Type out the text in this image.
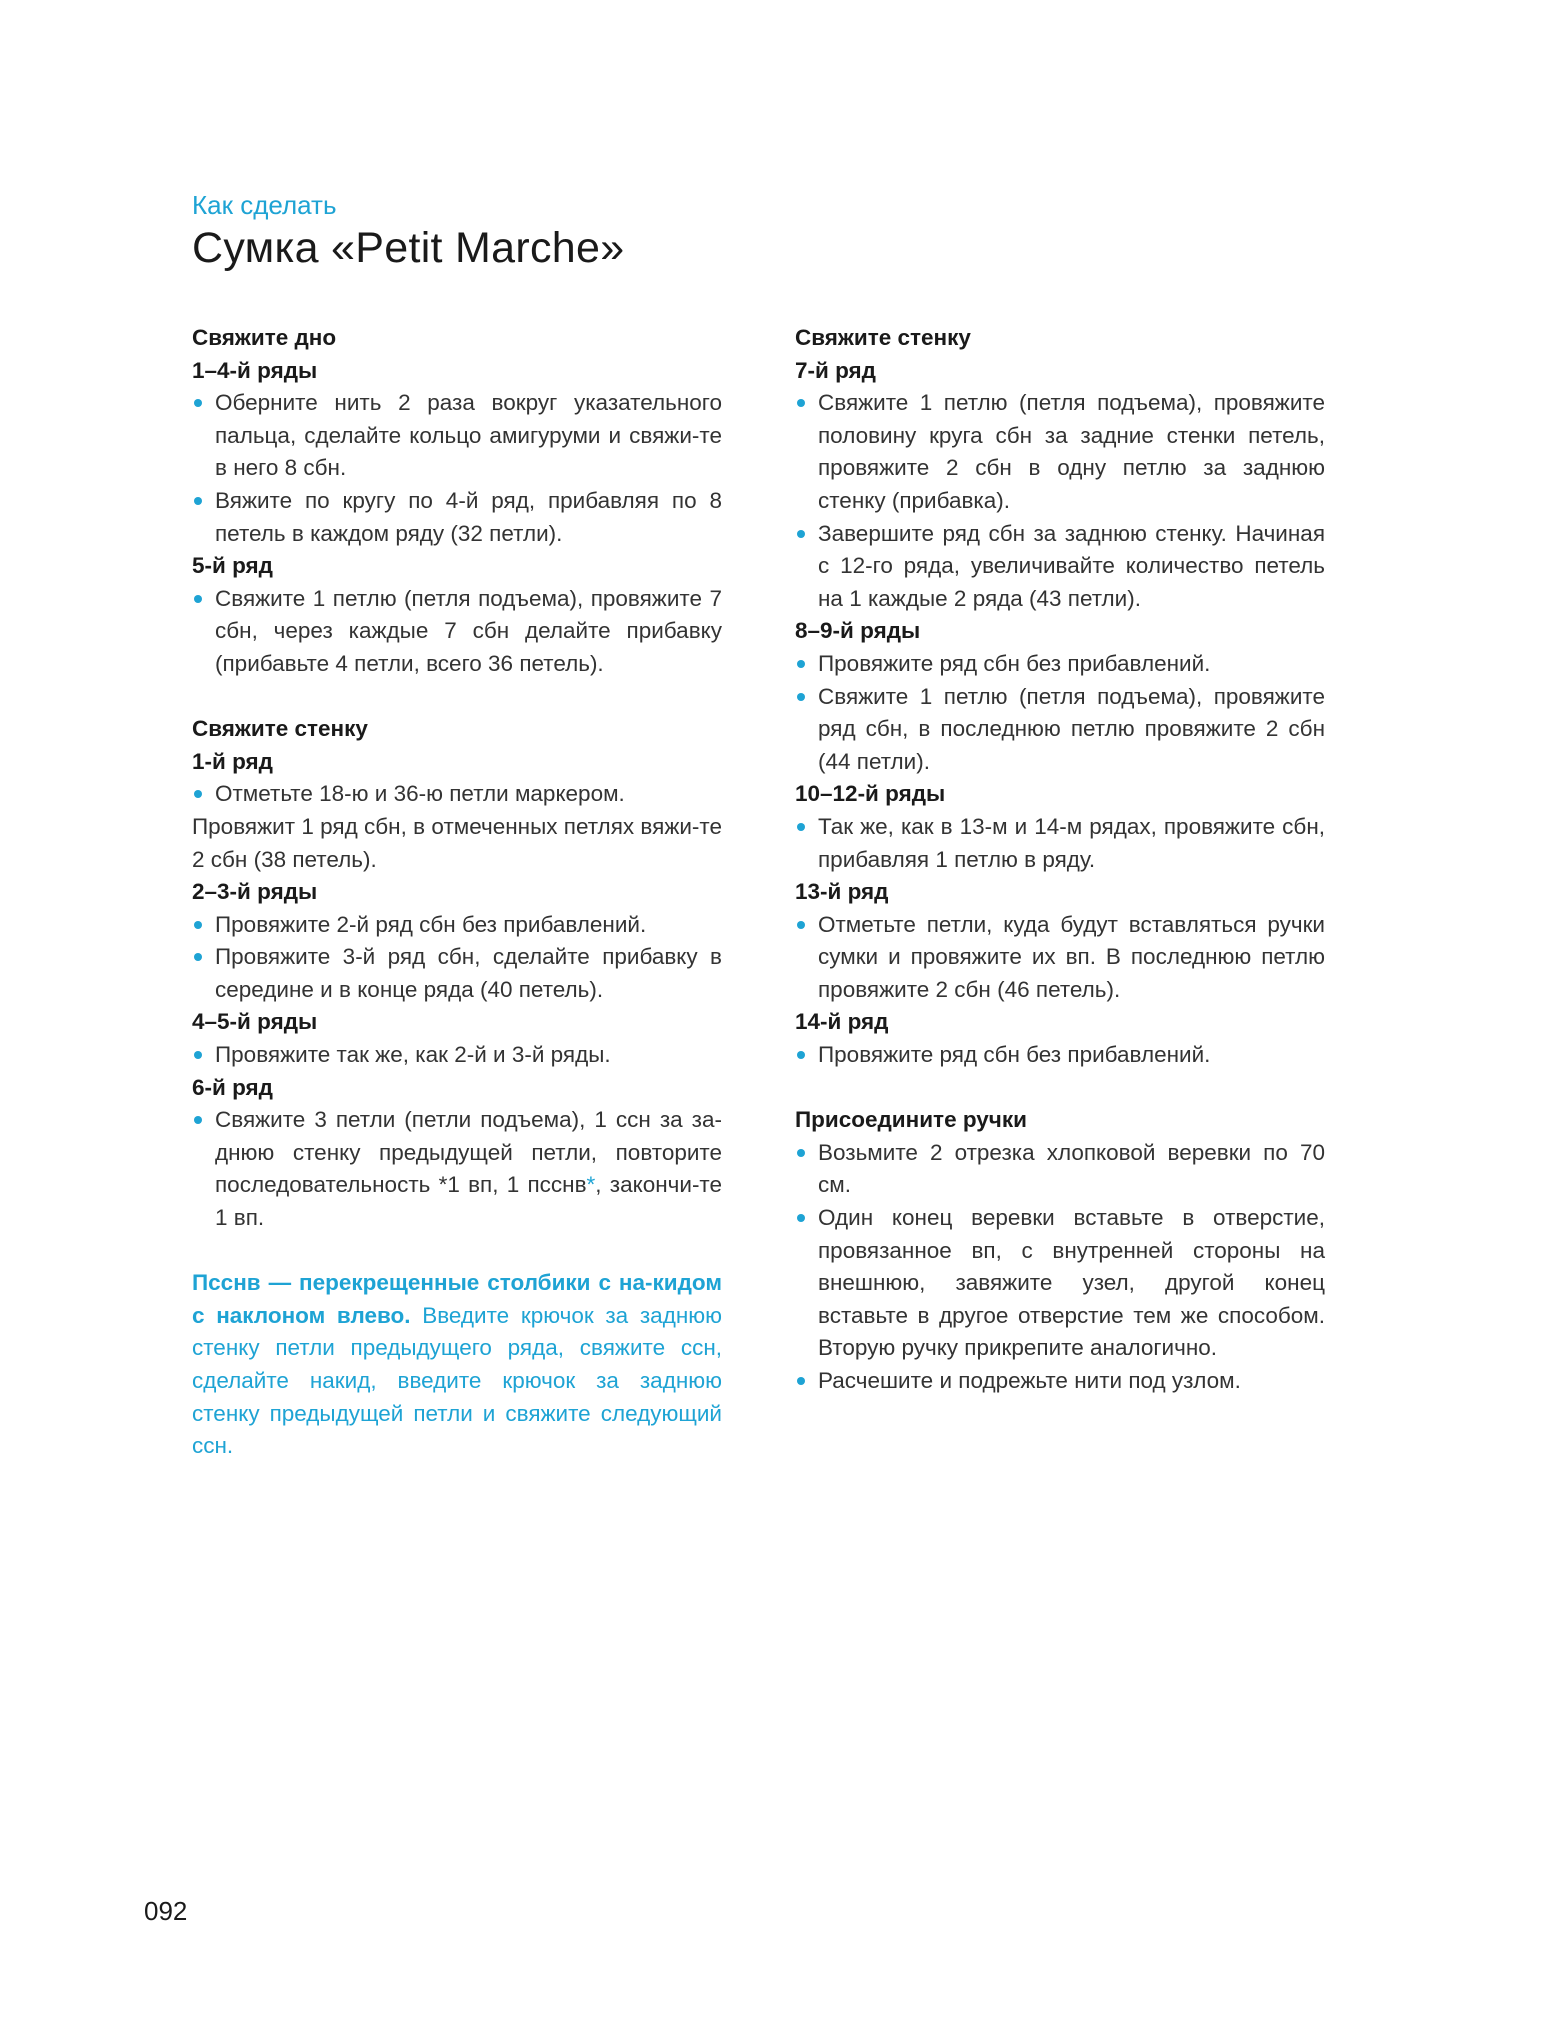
Как сделать
Сумка «Petit Marche»

Свяжите дно

1–4-й ряды

Оберните нить 2 раза вокруг указательного пальца, сделайте кольцо амигуруми и свяжи-те в него 8 сбн.
Вяжите по кругу по 4-й ряд, прибавляя по 8 петель в каждом ряду (32 петли).

5-й ряд

Свяжите 1 петлю (петля подъема), провяжите 7 сбн, через каждые 7 сбн делайте прибавку (прибавьте 4 петли, всего 36 петель).

Свяжите стенку

1-й ряд

Отметьте 18-ю и 36-ю петли маркером.

Провяжит 1 ряд сбн, в отмеченных петлях вяжи-те 2 сбн (38 петель).

2–3-й ряды

Провяжите 2-й ряд сбн без прибавлений.
Провяжите 3-й ряд сбн, сделайте прибавку в середине и в конце ряда (40 петель).

4–5-й ряды

Провяжите так же, как 2-й и 3-й ряды.

6-й ряд

Свяжите 3 петли (петли подъема), 1 ссн за за-днюю стенку предыдущей петли, повторите последовательность *1 вп, 1 псснв*, закончи-те 1 вп.

Псснв — перекрещенные столбики с на-кидом с наклоном влево. Введите крючок за заднюю стенку петли предыдущего ряда, свяжите ссн, сделайте накид, введите крючок за заднюю стенку предыдущей петли и свяжите следующий ссн.

Свяжите стенку

7-й ряд

Свяжите 1 петлю (петля подъема), провяжите половину круга сбн за задние стенки петель, провяжите 2 сбн в одну петлю за заднюю стенку (прибавка).
Завершите ряд сбн за заднюю стенку. Начиная с 12-го ряда, увеличивайте количество петель на 1 каждые 2 ряда (43 петли).

8–9-й ряды

Провяжите ряд сбн без прибавлений.
Свяжите 1 петлю (петля подъема), провяжите ряд сбн, в последнюю петлю провяжите 2 сбн (44 петли).

10–12-й ряды

Так же, как в 13-м и 14-м рядах, провяжите сбн, прибавляя 1 петлю в ряду.

13-й ряд

Отметьте петли, куда будут вставляться ручки сумки и провяжите их вп. В последнюю петлю провяжите 2 сбн (46 петель).

14-й ряд

Провяжите ряд сбн без прибавлений.

Присоедините ручки

Возьмите 2 отрезка хлопковой веревки по 70 см.
Один конец веревки вставьте в отверстие, провязанное вп, с внутренней стороны на внешнюю, завяжите узел, другой конец вставьте в другое отверстие тем же способом. Вторую ручку прикрепите аналогично.
Расчешите и подрежьте нити под узлом.
092
